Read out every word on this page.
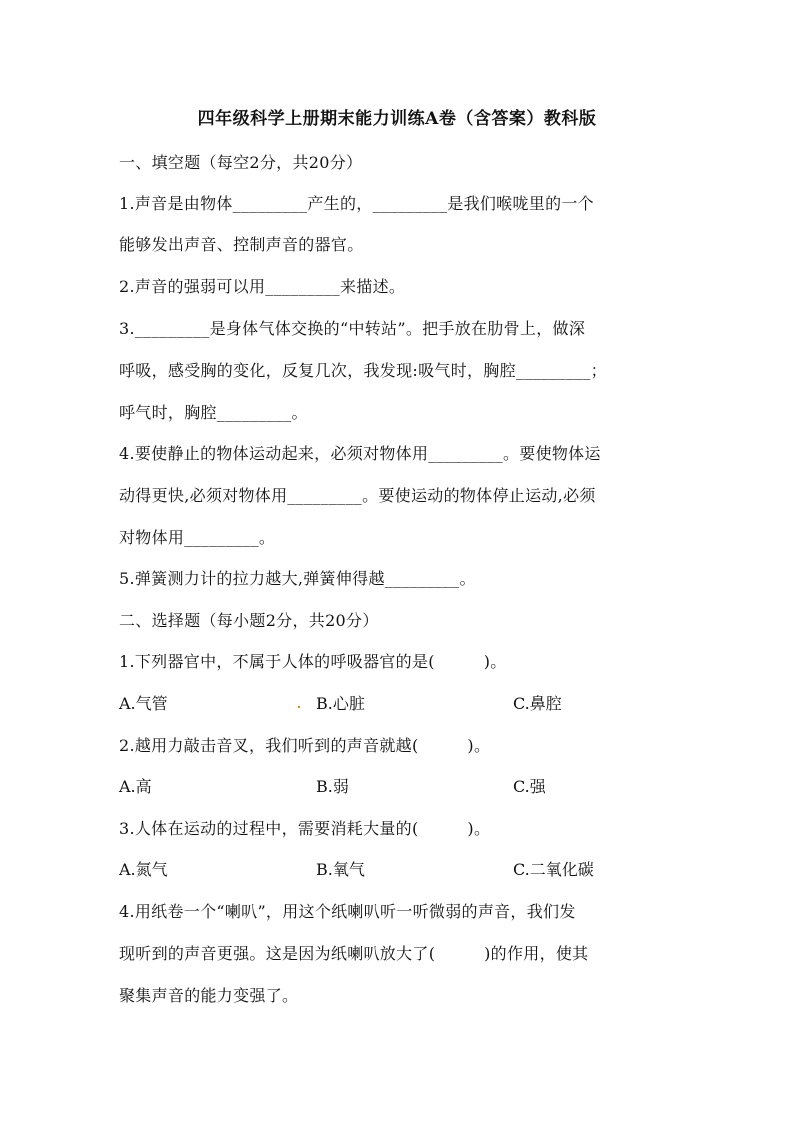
四年级科学上册期末能力训练A卷（含答案）教科版
一、填空题（每空2分，共20分）
1.声音是由物体_________产生的，_________是我们喉咙里的一个
能够发出声音、控制声音的器官。
2.声音的强弱可以用_________来描述。
3._________是身体气体交换的“中转站”。把手放在肋骨上，做深
呼吸，感受胸的变化，反复几次，我发现:吸气时，胸腔_________；
呼气时，胸腔_________。
4.要使静止的物体运动起来，必须对物体用_________。要使物体运
动得更快,必须对物体用_________。要使运动的物体停止运动,必须
对物体用_________。
5.弹簧测力计的拉力越大,弹簧伸得越_________。
二、选择题（每小题2分，共20分）
1.下列器官中，不属于人体的呼吸器官的是(　　　)。
A.气管	B.心脏	C.鼻腔
2.越用力敲击音叉，我们听到的声音就越(　　　)。
A.高	B.弱	C.强
3.人体在运动的过程中，需要消耗大量的(　　　)。
A.氮气	B.氧气	C.二氧化碳
4.用纸卷一个“喇叭”，用这个纸喇叭听一听微弱的声音，我们发
现听到的声音更强。这是因为纸喇叭放大了(　　　)的作用，使其
聚集声音的能力变强了。
